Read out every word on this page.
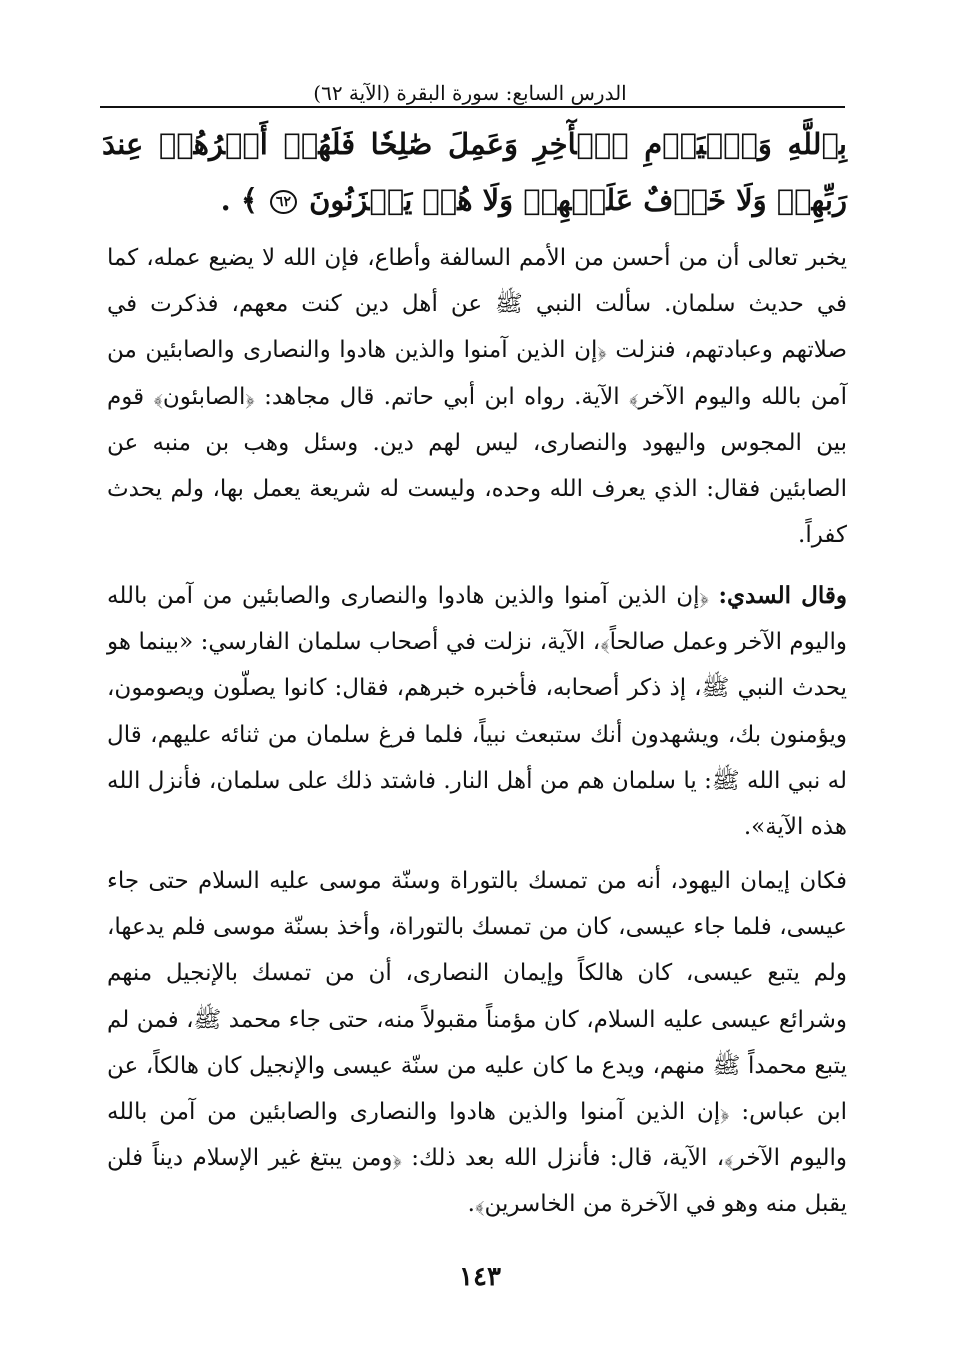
الدرس السابع: سورة البقرة (الآية ٦٢)
بِٱللَّهِ وَٱلۡيَوۡمِ ٱلۡأٓخِرِ وَعَمِلَ صَٰلِحٗا فَلَهُمۡ أَجۡرُهُمۡ عِندَ رَبِّهِمۡ وَلَا خَوۡفٌ عَلَيۡهِمۡ وَلَا هُمۡ يَحۡزَنُونَ ٦٢ ﴾ .
يخبر تعالى أن من أحسن من الأمم السالفة وأطاع، فإن الله لا يضيع عمله، كما في حديث سلمان. سألت النبي ﷺ عن أهل دين كنت معهم، فذكرت في صلاتهم وعبادتهم، فنزلت ﴿إن الذين آمنوا والذين هادوا والنصارى والصابئين من آمن بالله واليوم الآخر﴾ الآية. رواه ابن أبي حاتم. قال مجاهد: ﴿الصابئون﴾ قوم بين المجوس واليهود والنصارى، ليس لهم دين. وسئل وهب بن منبه عن الصابئين فقال: الذي يعرف الله وحده، وليست له شريعة يعمل بها، ولم يحدث كفراً.
وقال السدي: ﴿إن الذين آمنوا والذين هادوا والنصارى والصابئين من آمن بالله واليوم الآخر وعمل صالحاً﴾، الآية، نزلت في أصحاب سلمان الفارسي: «بينما هو يحدث النبي ﷺ، إذ ذكر أصحابه، فأخبره خبرهم، فقال: كانوا يصلّون ويصومون، ويؤمنون بك، ويشهدون أنك ستبعث نبياً، فلما فرغ سلمان من ثنائه عليهم، قال له نبي الله ﷺ: يا سلمان هم من أهل النار. فاشتد ذلك على سلمان، فأنزل الله هذه الآية».
فكان إيمان اليهود، أنه من تمسك بالتوراة وسنّة موسى عليه السلام حتى جاء عيسى، فلما جاء عيسى، كان من تمسك بالتوراة، وأخذ بسنّة موسى فلم يدعها، ولم يتبع عيسى، كان هالكاً وإيمان النصارى، أن من تمسك بالإنجيل منهم وشرائع عيسى عليه السلام، كان مؤمناً مقبولاً منه، حتى جاء محمد ﷺ، فمن لم يتبع محمداً ﷺ منهم، ويدع ما كان عليه من سنّة عيسى والإنجيل كان هالكاً، عن ابن عباس: ﴿إن الذين آمنوا والذين هادوا والنصارى والصابئين من آمن بالله واليوم الآخر﴾، الآية، قال: فأنزل الله بعد ذلك: ﴿ومن يبتغ غير الإسلام ديناً فلن يقبل منه وهو في الآخرة من الخاسرين﴾.
١٤٣
